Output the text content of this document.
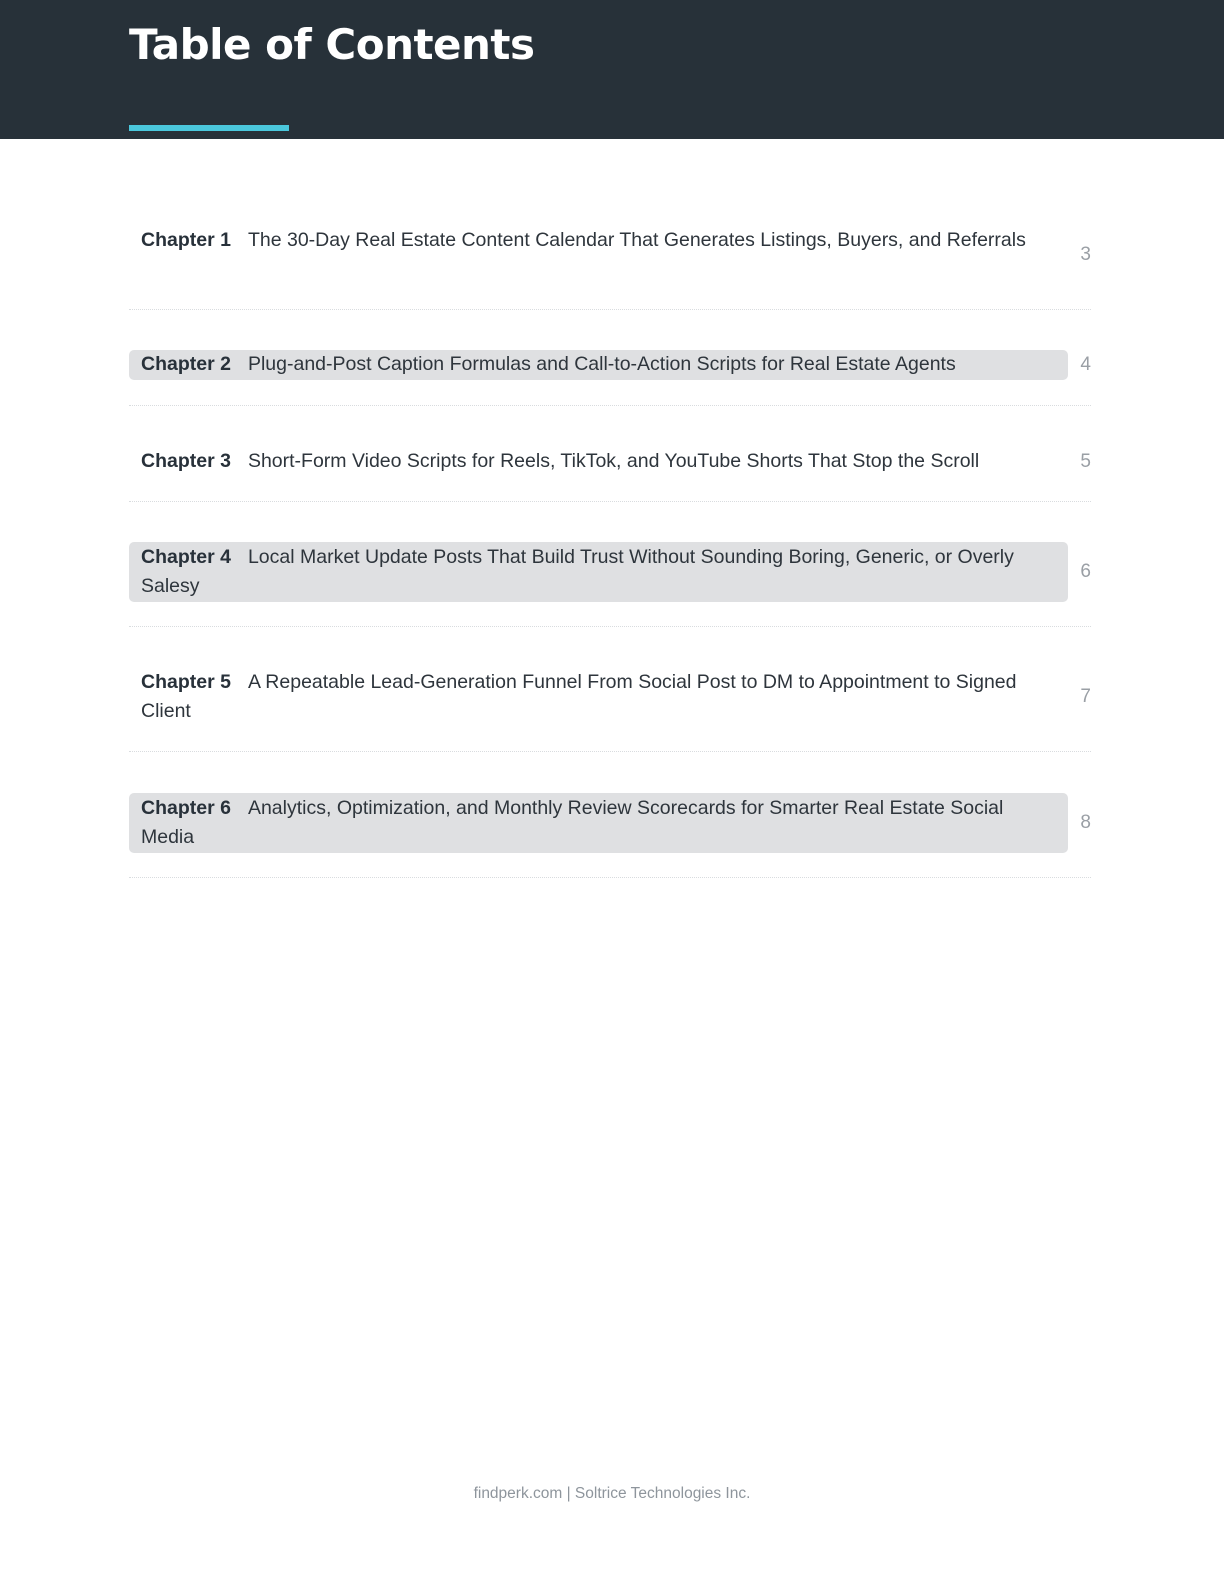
Table of Contents
Chapter 1 The 30-Day Real Estate Content Calendar That Generates Listings, Buyers, and Referrals
3
Chapter 2 Plug-and-Post Caption Formulas and Call-to-Action Scripts for Real Estate Agents	4
Chapter 3 Short-Form Video Scripts for Reels, TikTok, and YouTube Shorts That Stop the Scroll	5
Chapter 4 Local Market Update Posts That Build Trust Without Sounding Boring, Generic, or Overly Salesy
6
Chapter 5 A Repeatable Lead-Generation Funnel From Social Post to DM to Appointment to Signed Client
7
Chapter 6 Analytics, Optimization, and Monthly Review Scorecards for Smarter Real Estate Social Media
8
findperk.com | Soltrice Technologies Inc.
